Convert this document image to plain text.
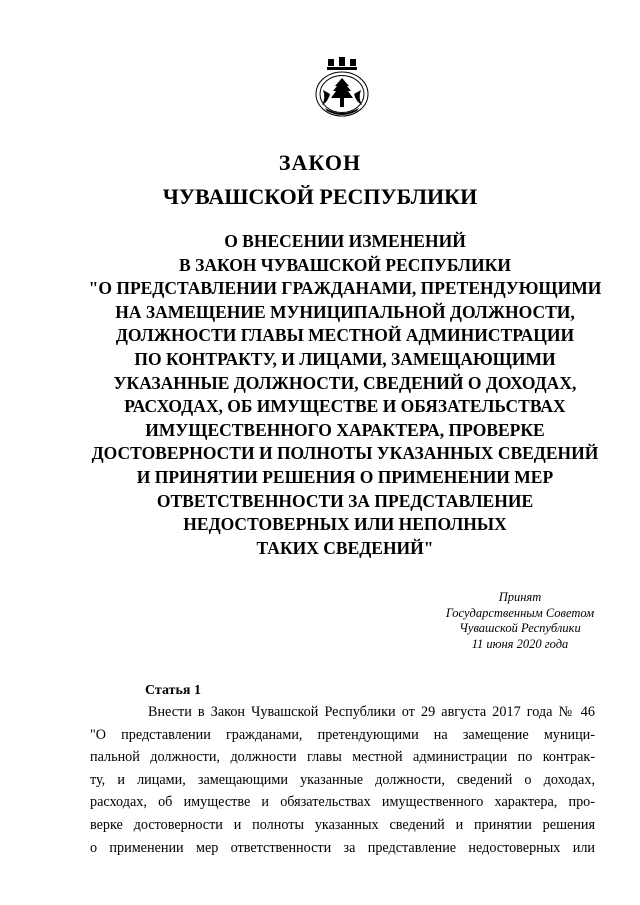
ЗАКОН
ЧУВАШСКОЙ РЕСПУБЛИКИ
О ВНЕСЕНИИ ИЗМЕНЕНИЙ
В ЗАКОН ЧУВАШСКОЙ РЕСПУБЛИКИ
"О ПРЕДСТАВЛЕНИИ ГРАЖДАНАМИ, ПРЕТЕНДУЮЩИМИ
НА ЗАМЕЩЕНИЕ МУНИЦИПАЛЬНОЙ ДОЛЖНОСТИ,
ДОЛЖНОСТИ ГЛАВЫ МЕСТНОЙ АДМИНИСТРАЦИИ
ПО КОНТРАКТУ, И ЛИЦАМИ, ЗАМЕЩАЮЩИМИ
УКАЗАННЫЕ ДОЛЖНОСТИ, СВЕДЕНИЙ О ДОХОДАХ,
РАСХОДАХ, ОБ ИМУЩЕСТВЕ И ОБЯЗАТЕЛЬСТВАХ
ИМУЩЕСТВЕННОГО ХАРАКТЕРА, ПРОВЕРКЕ
ДОСТОВЕРНОСТИ И ПОЛНОТЫ УКАЗАННЫХ СВЕДЕНИЙ
И ПРИНЯТИИ РЕШЕНИЯ О ПРИМЕНЕНИИ МЕР
ОТВЕТСТВЕННОСТИ ЗА ПРЕДСТАВЛЕНИЕ
НЕДОСТОВЕРНЫХ ИЛИ НЕПОЛНЫХ
ТАКИХ СВЕДЕНИЙ"
Принят
Государственным Советом
Чувашской Республики
11 июня 2020 года
Статья 1
Внести в Закон Чувашской Республики от 29 августа 2017 года № 46
"О представлении гражданами, претендующими на замещение муници-
пальной должности, должности главы местной администрации по контрак-
ту, и лицами, замещающими указанные должности, сведений о доходах,
расходах, об имуществе и обязательствах имущественного характера, про-
верке достоверности и полноты указанных сведений и принятии решения
о применении мер ответственности за представление недостоверных или
